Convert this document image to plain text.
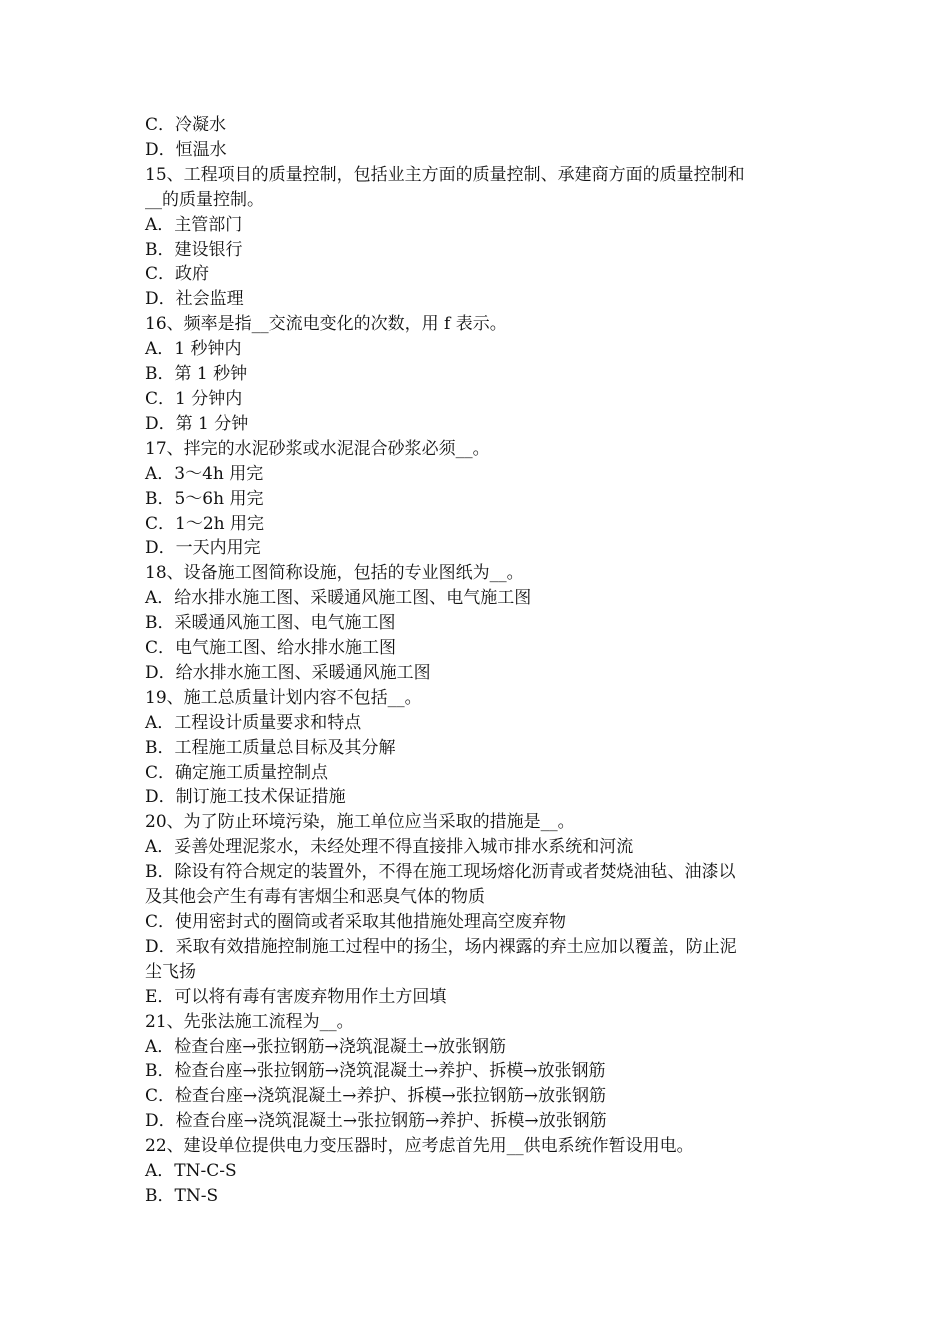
C．冷凝水

D．恒温水

15、工程项目的质量控制，包括业主方面的质量控制、承建商方面的质量控制和

__的质量控制。

A．主管部门

B．建设银行

C．政府

D．社会监理

16、频率是指__交流电变化的次数，用 f 表示。

A．1 秒钟内

B．第 1 秒钟

C．1 分钟内

D．第 1 分钟

17、拌完的水泥砂浆或水泥混合砂浆必须__。

A．3～4h 用完

B．5～6h 用完

C．1～2h 用完

D．一天内用完

18、设备施工图简称设施，包括的专业图纸为__。

A．给水排水施工图、采暖通风施工图、电气施工图

B．采暖通风施工图、电气施工图

C．电气施工图、给水排水施工图

D．给水排水施工图、采暖通风施工图

19、施工总质量计划内容不包括__。

A．工程设计质量要求和特点

B．工程施工质量总目标及其分解

C．确定施工质量控制点

D．制订施工技术保证措施

20、为了防止环境污染，施工单位应当采取的措施是__。

A．妥善处理泥浆水，未经处理不得直接排入城市排水系统和河流

B．除设有符合规定的装置外，不得在施工现场熔化沥青或者焚烧油毡、油漆以

及其他会产生有毒有害烟尘和恶臭气体的物质

C．使用密封式的圈筒或者采取其他措施处理高空废弃物

D．采取有效措施控制施工过程中的扬尘，场内裸露的弃土应加以覆盖，防止泥

尘飞扬

E．可以将有毒有害废弃物用作土方回填

21、先张法施工流程为__。

A．检查台座→张拉钢筋→浇筑混凝土→放张钢筋

B．检查台座→张拉钢筋→浇筑混凝土→养护、拆模→放张钢筋

C．检查台座→浇筑混凝土→养护、拆模→张拉钢筋→放张钢筋

D．检查台座→浇筑混凝土→张拉钢筋→养护、拆模→放张钢筋

22、建设单位提供电力变压器时，应考虑首先用__供电系统作暂设用电。

A．TN-C-S

B．TN-S
